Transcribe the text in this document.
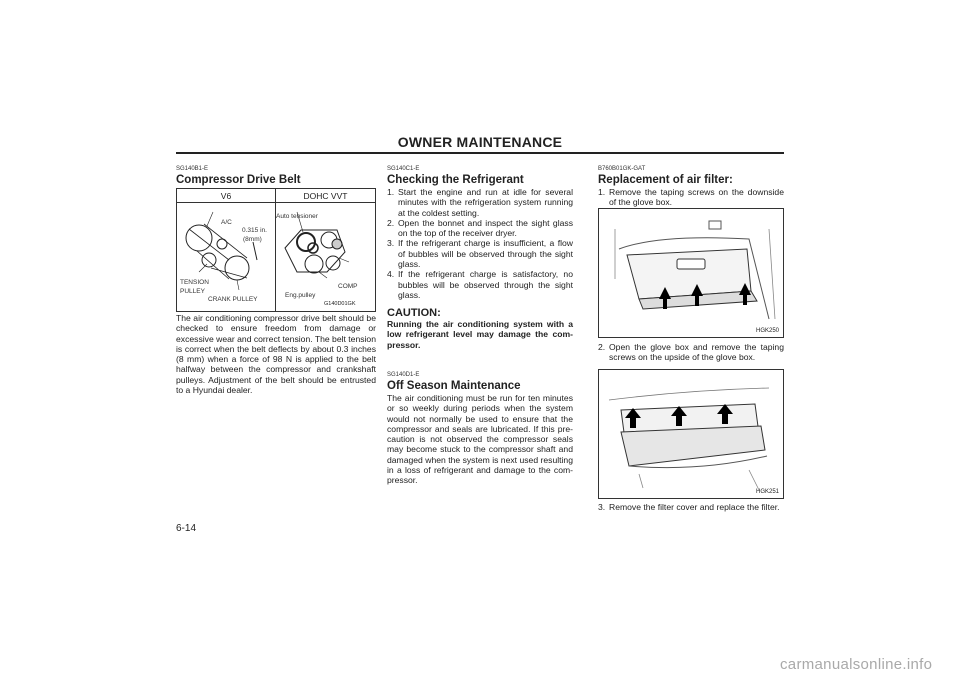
OWNER MAINTENANCE
SG140B1-E
Compressor Drive Belt
V6	DOHC VVT
A/C
0.315 in.
(8mm)
TENSION
PULLEY
CRANK PULLEY
Auto tensioner
COMP
Eng.pulley
G140D01GK
The air conditioning compressor drive belt should be checked to ensure freedom from damage or excessive wear and correct tension. The belt tension is correct when the belt deflects by about 0.3 inches (8 mm) when a force of 98 N is applied to the belt halfway between the compressor and crankshaft pulleys. Adjustment of the belt should be entrusted to a Hyundai dealer.
SG140C1-E
Checking the Refrigerant
1. Start the engine and run at idle for several minutes with the refrigeration system running at the coldest setting.
2. Open the bonnet and inspect the sight glass on the top of the receiver dryer.
3. If the refrigerant charge is insufficient, a flow of bubbles will be observed through the sight glass.
4. If the refrigerant charge is satisfactory, no bubbles will be observed through the sight glass.
CAUTION:
Running the air conditioning system with a low refrigerant level may damage the com-pressor.
SG140D1-E
Off Season Maintenance
The air conditioning must be run for ten minutes or so weekly during periods when the system would not normally be used to ensure that the compressor and seals are lubricated. If this pre-caution is not observed the compressor seals may become stuck to the compressor shaft and damaged when the system is next used resulting in a loss of refrigerant and damage to the com-pressor.
B760B01GK-GAT
Replacement of air filter:
1. Remove the taping screws on the downside of the glove box.
HGK250
2. Open the glove box and remove the taping screws on the upside of the glove box.
HGK251
3. Remove the filter cover and replace the filter.
6-14
carmanualsonline.info
